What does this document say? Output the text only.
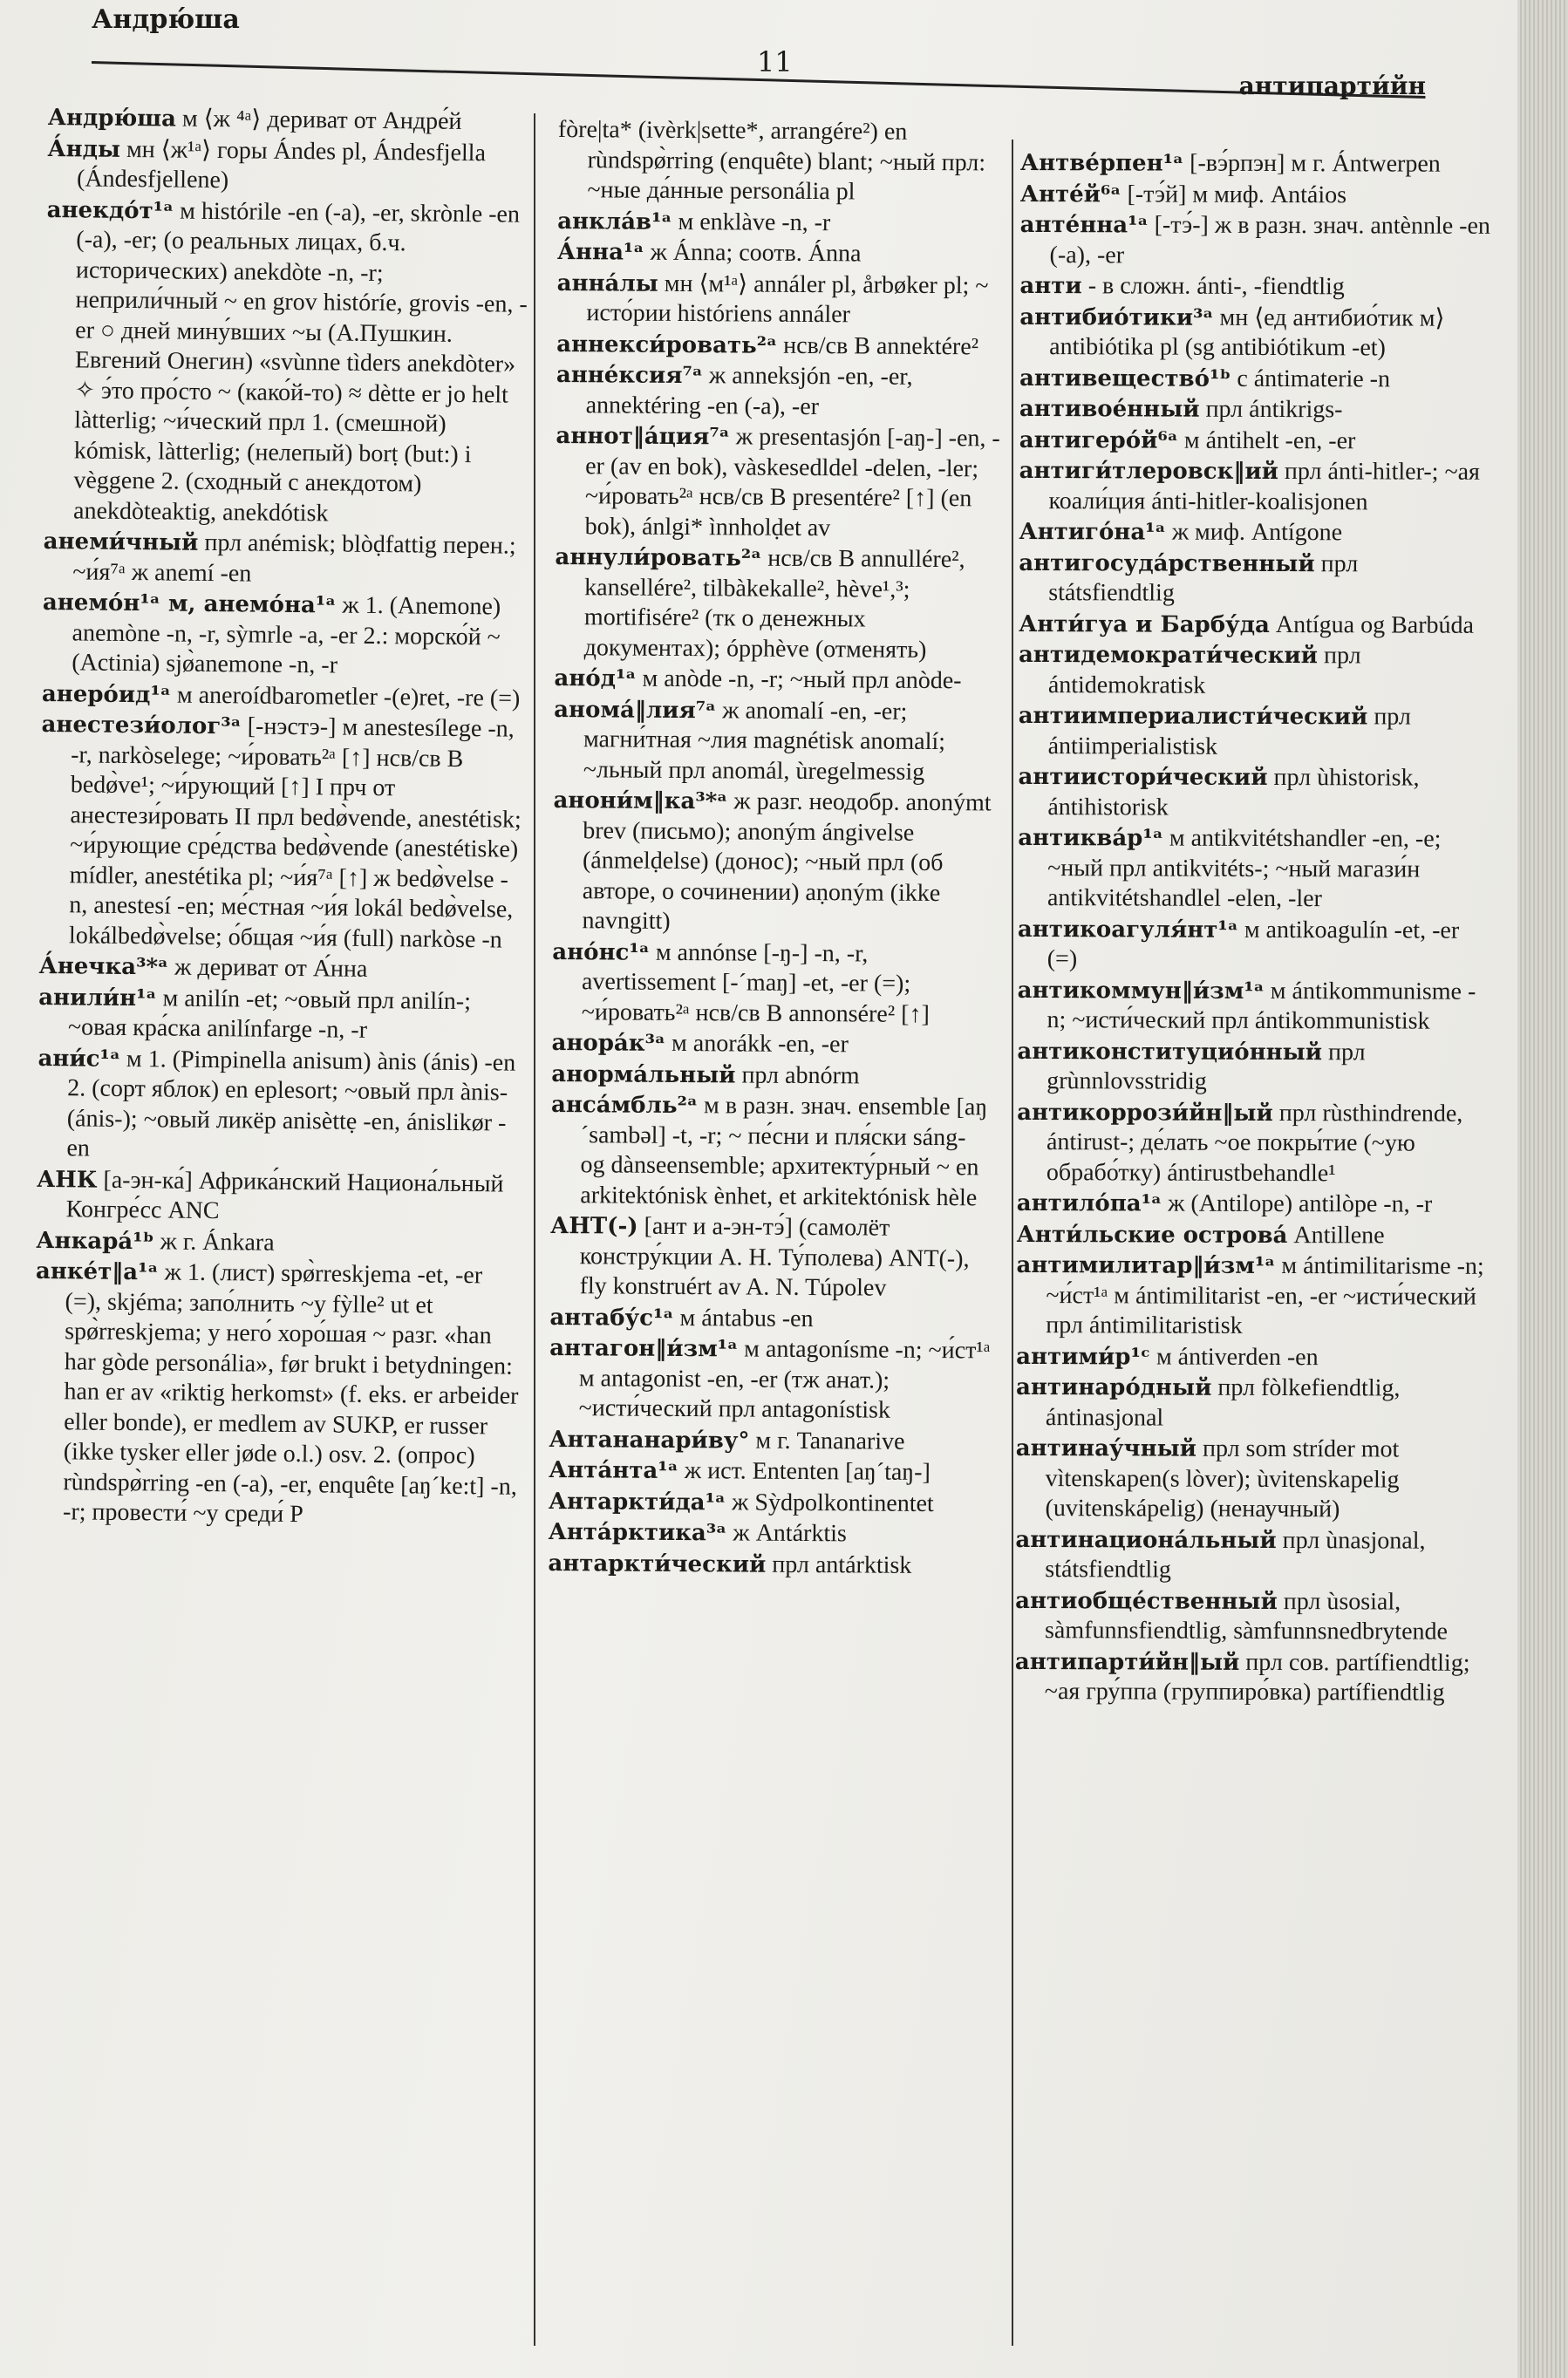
Андрю́ша
11
антипарти́йн

Андрю́ша м ⟨ж ⁴ᵃ⟩ дериват от Андре́й

А́нды мн ⟨ж¹ᵃ⟩ горы Ándes pl, Ándesfjella (Ándesfjellene)

анекдо́т¹ᵃ м histórile -en (-a), -er, skrònle -en (-a), -er; (о реальных лицах, б.ч. исторических) anekdòte -n, -r; неприли́чный ~ en grov históríe, grovis -en, -er ○ дней мину́вших ~ы (А.Пушкин. Евгений Онегин) «svùnne tìders anekdòter» ✧ э́то про́сто ~ (како́й-то) ≈ dètte er jo helt làtterlig; ~и́ческий прл 1. (смешной) kómisk, làtterlig; (нелепый) borṭ (but:) i vèggene 2. (сходный с анекдотом) anekdòteaktig, anekdótisk

анеми́чный прл anémisk; blòḍfattig перен.; ~и́я⁷ᵃ ж anemí -en

анемо́н¹ᵃ м, анемо́на¹ᵃ ж 1. (Anemone) anemòne -n, -r, sỳmrle -a, -er 2.: морско́й ~ (Actinia) sjø̀anemone -n, -r

анеро́ид¹ᵃ м aneroídbarometler -(e)ret, -re (=)

анестези́олог³ᵃ [-нэстэ-] м anestesílege -n, -r, narkòselege; ~и́ровать²ᵃ [↑] нсв/св В bedø̀ve¹; ~и́рующий [↑] I прч от анестези́ровать II прл bedø̀vende, anestétisk; ~и́рующие сре́дства bedø̀vende (anestétiske) mídler, anestétika pl; ~и́я⁷ᵃ [↑] ж bedø̀velse -n, anestesí -en; ме́стная ~и́я lokál bedø̀velse, lokálbedø̀velse; о́бщая ~и́я (full) narkòse -n

А́нечка³*ᵃ ж дериват от А́нна

анили́н¹ᵃ м anilín -et; ~овый прл anilín-; ~овая кра́ска anilínfarge -n, -r

ани́с¹ᵃ м 1. (Pimpinella anisum) ànis (ánis) -en 2. (сорт яблок) en eplesort; ~овый прл ànis- (ánis-); ~овый ликёр anisèttẹ -en, ánislikør -en

АНК [а-эн-ка́] Африка́нский Национа́льный Конгре́сс ANC

Анкара́¹ᵇ ж г. Ánkara

анке́т‖а¹ᵃ ж 1. (лист) spø̀rreskjema -et, -er (=), skjéma; запо́лнить ~у fỳlle² ut et spø̀rreskjema; у него́ хоро́шая ~ разг. «han har gòde personália», før brukt i betydningen: han er av «riktig herkomst» (f. eks. er arbeider eller bonde), er medlem av SUKP, er russer (ikke tysker eller jøde o.l.) osv. 2. (опрос) rùndspø̀rring -en (-a), -er, enquête [aŋ´ke:t] -n, -r; провести́ ~у среди́ Р

fòre|ta* (ivèrk|sette*, arrangére²) en rùndspø̀rring (enquête) blant; ~ный прл: ~ные да́нные personália pl

анкла́в¹ᵃ м enklàve -n, -r

А́нна¹ᵃ ж Ánna; соотв. Ánna

анна́лы мн ⟨м¹ᵃ⟩ annáler pl, årbøker pl; ~ исто́рии históriens annáler

аннекси́ровать²ᵃ нсв/св В annektére²

анне́ксия⁷ᵃ ж anneksjón -en, -er, annektéring -en (-a), -er

аннот‖а́ция⁷ᵃ ж presentasjón [-aŋ-] -en, -er (av en bok), vàskesedldel -delen, -ler; ~и́ровать²ᵃ нсв/св В presentére² [↑] (en bok), ánlgi* ìnnholḍet av

аннули́ровать²ᵃ нсв/св В annullére², kansellére², tilbàkekalle², hève¹,³; mortifisére² (тк о денежных документах); ópphève (отменять)

ано́д¹ᵃ м anòde -n, -r; ~ный прл anòde-

анома́‖лия⁷ᵃ ж anomalí -en, -er; магни́тная ~лия magnétisk anomalí; ~льный прл anomál, ùregelmessig

анони́м‖ка³*ᵃ ж разг. неодобр. anonýmt brev (письмо); anoným ángivelse (ánmelḍelse) (донос); ~ный прл (об авторе, о сочинении) aṇoným (ikke navngitt)

ано́нс¹ᵃ м annónse [-ŋ-] -n, -r, avertissement [-´maŋ] -et, -er (=); ~и́ровать²ᵃ нсв/св В annonsére² [↑]

анора́к³ᵃ м anorákk -en, -er

анорма́льный прл abnórm

анса́мбль²ᵃ м в разн. знач. ensemble [aŋ´sambəl] -t, -r; ~ пе́сни и пля́ски sáng- og dànseensemble; архитекту́рный ~ en arkitektónisk ènhet, et arkitektónisk hèle

АНТ(-) [ант и а-эн-тэ́] (самолёт констру́кции А. Н. Ту́полева) ANT(-), fly konstruért av A. N. Túpolev

антабу́с¹ᵃ м ántabus -en

антагон‖и́зм¹ᵃ м antagonísme -n; ~и́ст¹ᵃ м antagonist -en, -er (тж анат.); ~исти́ческий прл antagonístisk

Антананари́ву° м г. Tananarive

Анта́нта¹ᵃ ж ист. Ententen [aŋ´taŋ-]

Антаркти́да¹ᵃ ж Sỳdpolkontinentet

Анта́рктика³ᵃ ж Antárktis

антаркти́ческий прл antárktisk

Антве́рпен¹ᵃ [-вэ́рпэн] м г. Ántwerpen

Анте́й⁶ᵃ [-тэ́й] м миф. Antáios

анте́нна¹ᵃ [-тэ́-] ж в разн. знач. antènnle -en (-a), -er

анти - в сложн. ánti-, -fiendtlig

антибио́тики³ᵃ мн ⟨ед антибио́тик м⟩ antibiótika pl (sg antibiótikum -et)

антивещество́¹ᵇ с ántimaterie -n

антивое́нный прл ántikrigs-

антигеро́й⁶ᵃ м ántihelt -en, -er

антиги́тлеровск‖ий прл ánti-hitler-; ~ая коали́ция ánti-hitler-koalisjonen

Антиго́на¹ᵃ ж миф. Antígone

антигосуда́рственный прл státsfiendtlig

Анти́гуа и Барбу́да Antígua og Barbúda

антидемократи́ческий прл ántidemokratisk

антиимпериалисти́ческий прл ántiimperialistisk

антиистори́ческий прл ùhistorisk, ántihistorisk

антиква́р¹ᵃ м antikvitétshandler -en, -e; ~ный прл antikvitéts-; ~ный магази́н antikvitétshandlel -elen, -ler

антикоагуля́нт¹ᵃ м antikoagulín -et, -er (=)

антикоммун‖и́зм¹ᵃ м ántikommunisme -n; ~исти́ческий прл ántikommunistisk

антиконституцио́нный прл grùnnlovsstridig

антикоррози́йн‖ый прл rùsthindrende, ántirust-; де́лать ~ое покры́тие (~ую обрабо́тку) ántirustbehandle¹

антило́па¹ᵃ ж (Antilope) antilòpe -n, -r

Анти́льские острова́ Antillene

антимилитар‖и́зм¹ᵃ м ántimilitarisme -n; ~и́ст¹ᵃ м ántimilitarist -en, -er ~исти́ческий прл ántimilitaristisk

антими́р¹ᶜ м ántiverden -en

антинаро́дный прл fòlkefiendtlig, ántinasjonal

антинау́чный прл som stríder mot vìtenskapen(s lòver); ùvitenskapelig (uvitenskápelig) (ненаучный)

антинациона́льный прл ùnasjonal, státsfiendtlig

антиобще́ственный прл ùsosial, sàmfunnsfiendtlig, sàmfunnsnedbrytende

антипарти́йн‖ый прл сов. partífiendtlig; ~ая гру́ппа (группиро́вка) partífiendtlig
